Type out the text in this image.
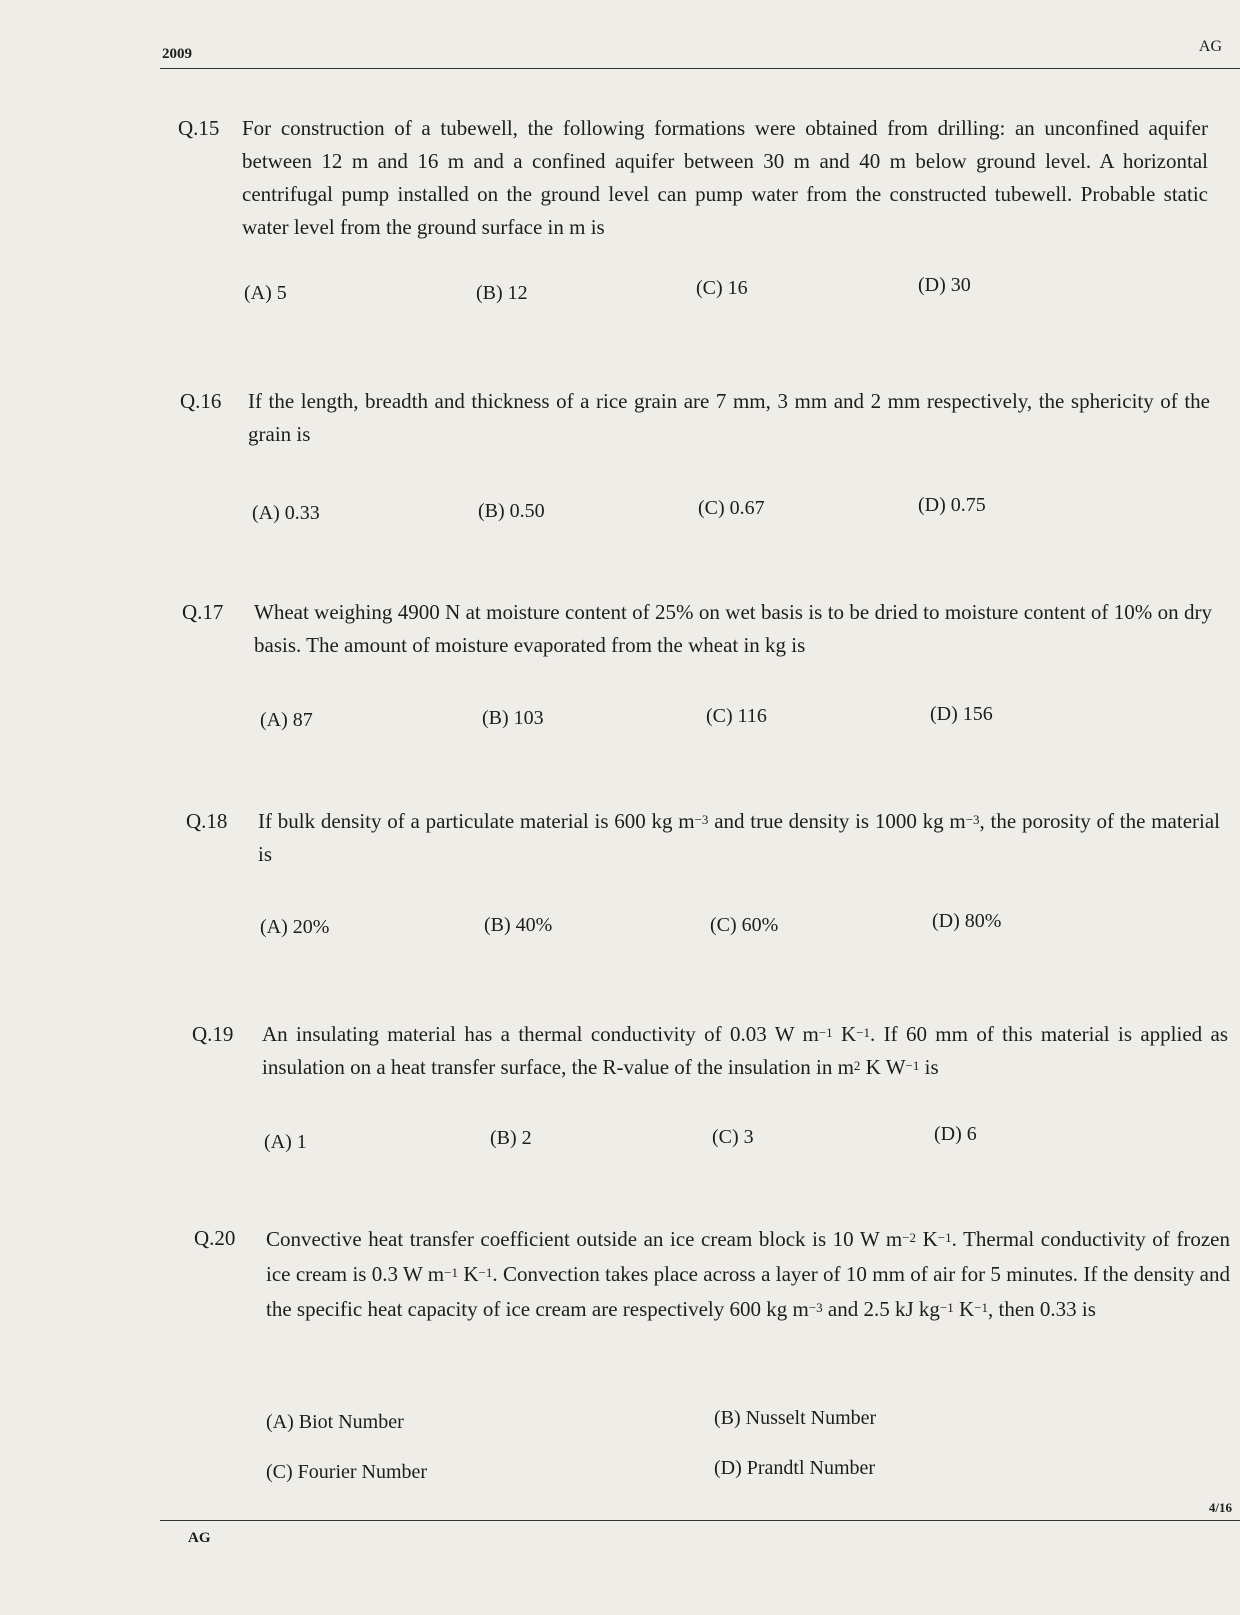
2009	AG
Q.15 For construction of a tubewell, the following formations were obtained from drilling: an unconfined aquifer between 12 m and 16 m and a confined aquifer between 30 m and 40 m below ground level. A horizontal centrifugal pump installed on the ground level can pump water from the constructed tubewell. Probable static water level from the ground surface in m is
(A) 5	(B) 12	(C) 16	(D) 30
Q.16 If the length, breadth and thickness of a rice grain are 7 mm, 3 mm and 2 mm respectively, the sphericity of the grain is
(A) 0.33	(B) 0.50	(C) 0.67	(D) 0.75
Q.17 Wheat weighing 4900 N at moisture content of 25% on wet basis is to be dried to moisture content of 10% on dry basis. The amount of moisture evaporated from the wheat in kg is
(A) 87	(B) 103	(C) 116	(D) 156
Q.18 If bulk density of a particulate material is 600 kg $m^{-3}$ and true density is 1000 kg $m^{-3}$, the porosity of the material is
(A) 20%	(B) 40%	(C) 60%	(D) 80%
Q.19 An insulating material has a thermal conductivity of 0.03 W $m^{-1}$ $K^{-1}$. If 60 mm of this material is applied as insulation on a heat transfer surface, the R-value of the insulation in $m^2$ K $W^{-1}$ is
(A) 1	(B) 2	(C) 3	(D) 6
Q.20 Convective heat transfer coefficient outside an ice cream block is 10 W $m^{-2}$ $K^{-1}$. Thermal conductivity of frozen ice cream is 0.3 W $m^{-1}$ $K^{-1}$. Convection takes place across a layer of 10 mm of air for 5 minutes. If the density and the specific heat capacity of ice cream are respectively 600 kg $m^{-3}$ and 2.5 kJ $kg^{-1}$ $K^{-1}$, then 0.33 is
(A) Biot Number	(B) Nusselt Number
(C) Fourier Number	(D) Prandtl Number
4/16
AG
